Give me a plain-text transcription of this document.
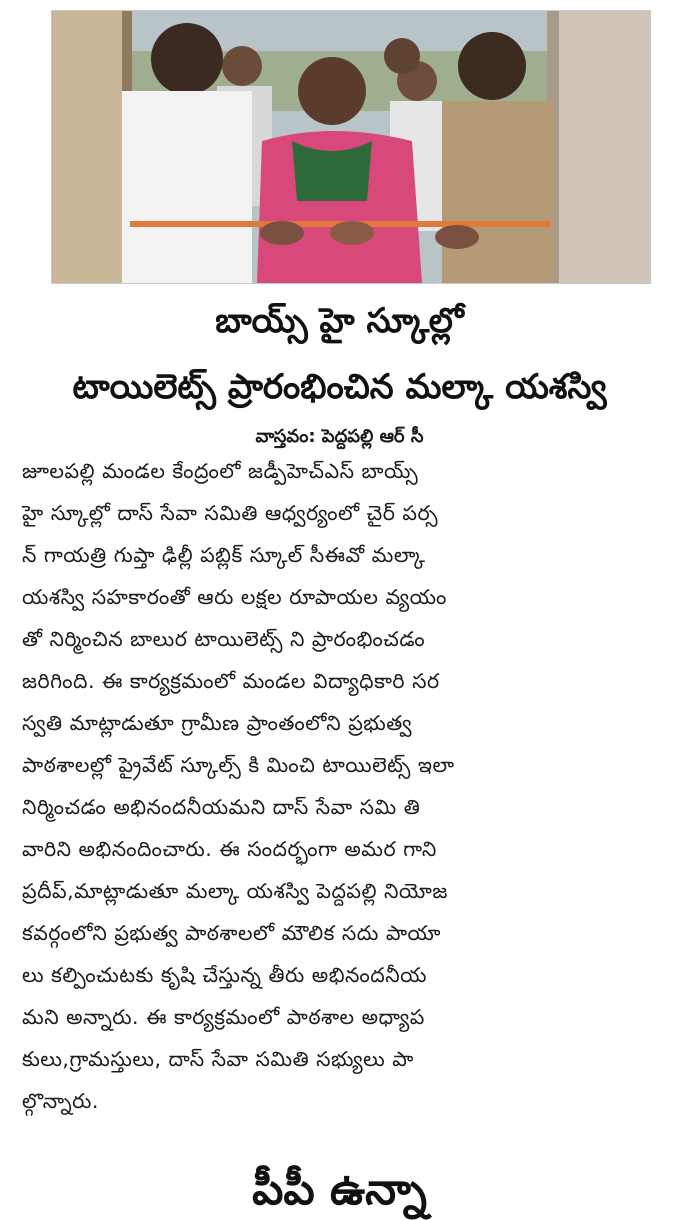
బాయ్స్ హై స్కూల్లో
టాయిలెట్స్ ప్రారంభించిన మల్కా యశస్వి
వాస్తవం: పెద్దపల్లి ఆర్ సీ
జూలపల్లి మండల కేంద్రంలో జడ్పీహెచ్ఎస్ బాయ్స్
హై స్కూల్లో దాస్ సేవా సమితి ఆధ్వర్యంలో చైర్ పర్స
న్ గాయత్రి గుప్తా ఢిల్లీ పబ్లిక్ స్కూల్ సీఈవో మల్కా
యశస్వి సహకారంతో ఆరు లక్షల రూపాయల వ్యయం
తో నిర్మించిన బాలుర టాయిలెట్స్ ని ప్రారంభించడం
జరిగింది. ఈ కార్యక్రమంలో మండల విద్యాధికారి సర
స్వతి మాట్లాడుతూ గ్రామీణ ప్రాంతంలోని ప్రభుత్వ
పాఠశాలల్లో ప్రైవేట్ స్కూల్స్ కి మించి టాయిలెట్స్ ఇలా
నిర్మించడం అభినందనీయమని దాస్ సేవా సమి తి
వారిని అభినందించారు. ఈ సందర్భంగా అమర గాని
ప్రదీప్,మాట్లాడుతూ మల్కా యశస్వి పెద్దపల్లి నియోజ
కవర్గంలోని ప్రభుత్వ పాఠశాలలో మౌలిక సదు పాయా
లు కల్పించుటకు కృషి చేస్తున్న తీరు అభినందనీయ
మని అన్నారు. ఈ కార్యక్రమంలో పాఠశాల అధ్యాప
కులు,గ్రామస్తులు, దాస్ సేవా సమితి సభ్యులు పా
ల్గొన్నారు.
పీపీ ఉన్నా
